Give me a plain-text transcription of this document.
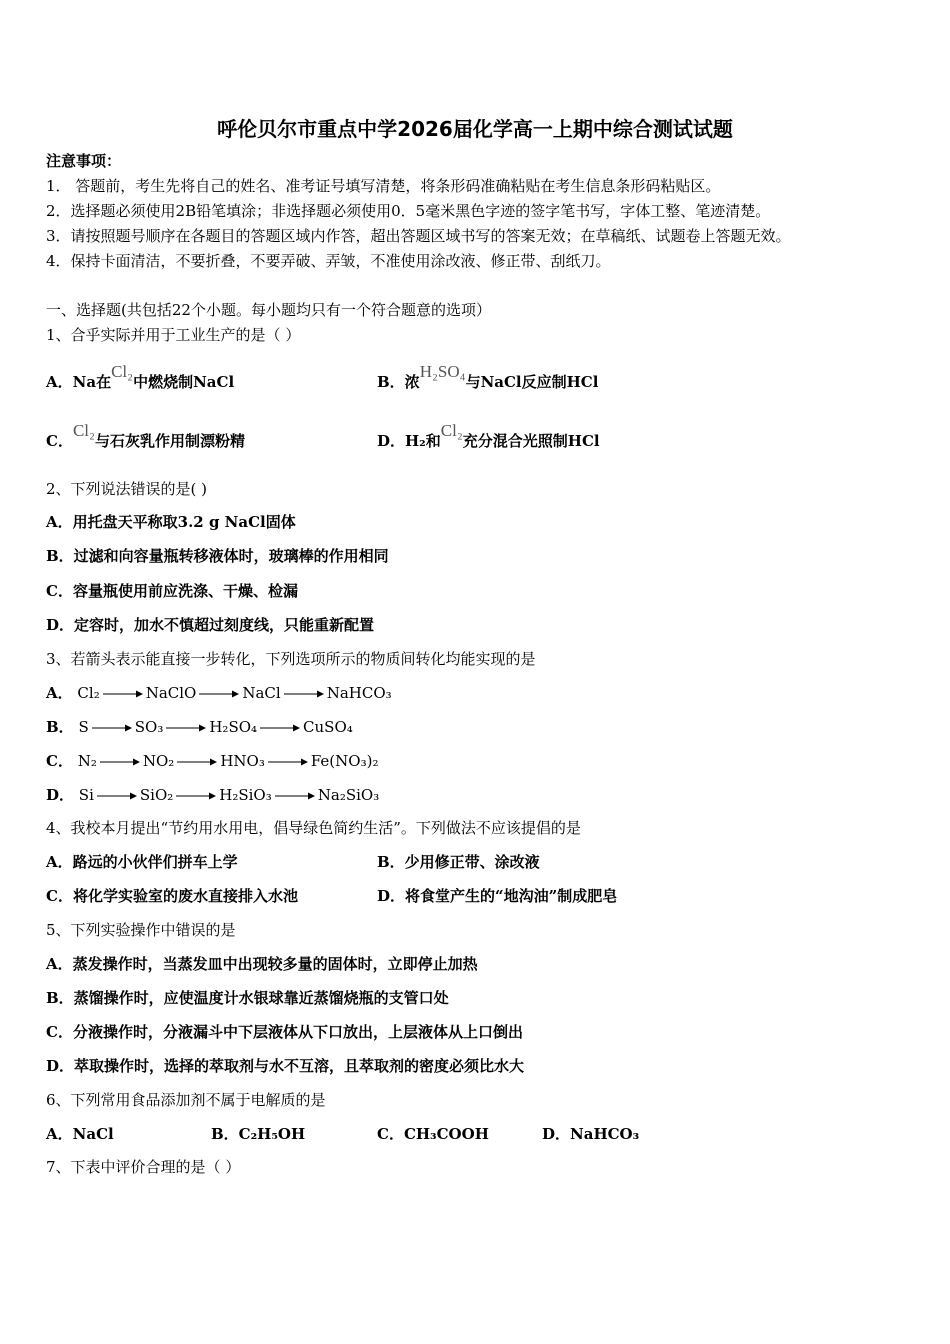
呼伦贝尔市重点中学2026届化学高一上期中综合测试试题
注意事项：
1． 答题前，考生先将自己的姓名、准考证号填写清楚，将条形码准确粘贴在考生信息条形码粘贴区。
2．选择题必须使用2B铅笔填涂；非选择题必须使用0．5毫米黑色字迹的签字笔书写，字体工整、笔迹清楚。
3．请按照题号顺序在各题目的答题区域内作答，超出答题区域书写的答案无效；在草稿纸、试题卷上答题无效。
4．保持卡面清洁，不要折叠，不要弄破、弄皱，不准使用涂改液、修正带、刮纸刀。
一、选择题(共包括22个小题。每小题均只有一个符合题意的选项）
1、合乎实际并用于工业生产的是（ ）
A．Na在Cl₂中燃烧制NaCl	B．浓H₂SO₄与NaCl反应制HCl
C．Cl₂与石灰乳作用制漂粉精	D．H₂和Cl₂充分混合光照制HCl
2、下列说法错误的是( )
A．用托盘天平称取3.2 g NaCl固体
B．过滤和向容量瓶转移液体时，玻璃棒的作用相同
C．容量瓶使用前应洗涤、干燥、检漏
D．定容时，加水不慎超过刻度线，只能重新配置
3、若箭头表示能直接一步转化，下列选项所示的物质间转化均能实现的是
A． Cl₂	NaClO	NaCl	NaHCO₃
B． S	SO₃	H₂SO₄	CuSO₄
C． N₂	NO₂	HNO₃	Fe(NO₃)₂
D． Si	SiO₂	H₂SiO₃	Na₂SiO₃
4、我校本月提出“节约用水用电，倡导绿色简约生活”。下列做法不应该提倡的是
A．路远的小伙伴们拼车上学	B．少用修正带、涂改液
C．将化学实验室的废水直接排入水池	D．将食堂产生的“地沟油”制成肥皂
5、下列实验操作中错误的是
A．蒸发操作时，当蒸发皿中出现较多量的固体时，立即停止加热
B．蒸馏操作时，应使温度计水银球靠近蒸馏烧瓶的支管口处
C．分液操作时，分液漏斗中下层液体从下口放出，上层液体从上口倒出
D．萃取操作时，选择的萃取剂与水不互溶，且萃取剂的密度必须比水大
6、下列常用食品添加剂不属于电解质的是
A．NaCl	B．C₂H₅OH	C．CH₃COOH	D．NaHCO₃
7、下表中评价合理的是（ ）
